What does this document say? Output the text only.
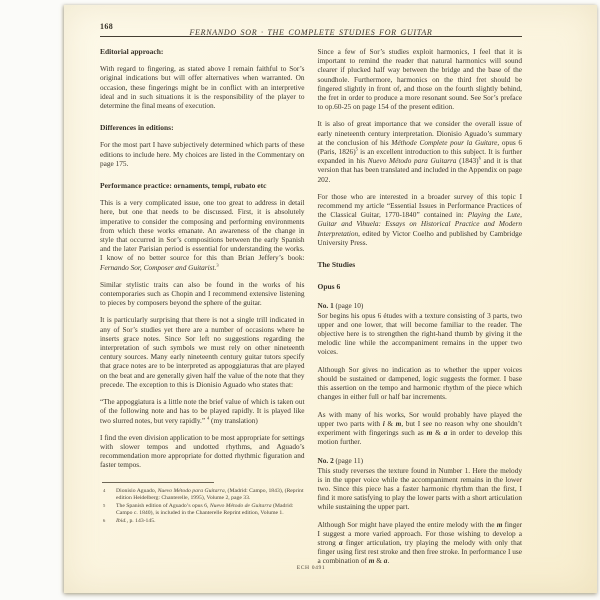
168
FERNANDO SOR · THE COMPLETE STUDIES FOR GUITAR
Editorial approach:

With regard to fingering, as stated above I remain faithful to Sor’s original indications but will offer alternatives when warranted. On occasion, these fingerings might be in conflict with an interpretive ideal and in such situations it is the responsibility of the player to determine the final means of execution.

Differences in editions:

For the most part I have subjectively determined which parts of these editions to include here. My choices are listed in the Commentary on page 175.

Performance practice: ornaments, tempi, rubato etc

This is a very complicated issue, one too great to address in detail here, but one that needs to be discussed. First, it is absolutely imperative to consider the composing and performing environments from which these works emanate. An awareness of the change in style that occurred in Sor’s compositions between the early Spanish and the later Parisian period is essential for understanding the works. I know of no better source for this than Brian Jeffery’s book: Fernando Sor, Composer and Guitarist.$^3$

Similar stylistic traits can also be found in the works of his contemporaries such as Chopin and I recommend extensive listening to pieces by composers beyond the sphere of the guitar.

It is particularly surprising that there is not a single trill indicated in any of Sor’s studies yet there are a number of occasions where he inserts grace notes. Since Sor left no suggestions regarding the interpretation of such symbols we must rely on other nineteenth century sources. Many early nineteenth century guitar tutors specify that grace notes are to be interpreted as appoggiaturas that are played on the beat and are generally given half the value of the note that they precede. The exception to this is Dionisio Aguado who states that:

“The appoggiatura is a little note the brief value of which is taken out of the following note and has to be played rapidly. It is played like two slurred notes, but very rapidly.” $^4$ (my translation)

I find the even division application to be most appropriate for settings with slower tempos and undotted rhythms, and Aguado’s recommendation more appropriate for dotted rhythmic figuration and faster tempos.

4 Dionisio Aguado, Nuevo Método para Guitarra, (Madrid: Campo, 1843), (Reprint edition Heidelberg: Chanterelle, 1995), Volume 2, page 33.
5 The Spanish edition of Aguado’s opus 6, Nuevo Método de Guitarra (Madrid: Campo c. 1840), is included in the Chanterelle Reprint edition, Volume 1.
6 Ibid., p. 143-145.

Since a few of Sor’s studies exploit harmonics, I feel that it is important to remind the reader that natural harmonics will sound clearer if plucked half way between the bridge and the base of the soundhole. Furthermore, harmonics on the third fret should be fingered slightly in front of, and those on the fourth slightly behind, the fret in order to produce a more resonant sound. See Sor’s preface to op.60-25 on page 154 of the present edition.

It is also of great importance that we consider the overall issue of early nineteenth century interpretation. Dionisio Aguado’s summary at the conclusion of his Méthode Complete pour la Guitare, opus 6 (Paris, 1826)$^5$ is an excellent introduction to this subject. It is further expanded in his Nuevo Método para Guitarra $(1843)^6$ and it is that version that has been translated and included in the Appendix on page 202.

For those who are interested in a broader survey of this topic I recommend my article “Essential Issues in Performance Practices of the Classical Guitar, 1770-1840” contained in: Playing the Lute, Guitar and Vihuela: Essays on Historical Practice and Modern Interpretation, edited by Victor Coelho and published by Cambridge University Press.

The Studies
Opus 6
No. 1 (page 10)

Sor begins his opus 6 études with a texture consisting of 3 parts, two upper and one lower, that will become familiar to the reader. The objective here is to strengthen the right-hand thumb by giving it the melodic line while the accompaniment remains in the upper two voices.

Although Sor gives no indication as to whether the upper voices should be sustained or dampened, logic suggests the former. I base this assertion on the tempo and harmonic rhythm of the piece which changes in either full or half bar increments.

As with many of his works, Sor would probably have played the upper two parts with i & m, but I see no reason why one shouldn’t experiment with fingerings such as m & a in order to develop this motion further.

No. 2 (page 11)

This study reverses the texture found in Number 1. Here the melody is in the upper voice while the accompaniment remains in the lower two. Since this piece has a faster harmonic rhythm than the first, I find it more satisfying to play the lower parts with a short articulation while sustaining the upper part.

Although Sor might have played the entire melody with the m finger I suggest a more varied approach. For those wishing to develop a strong a finger articulation, try playing the melody with only that finger using first rest stroke and then free stroke. In performance I use a combination of m & a.

ECH 0491
